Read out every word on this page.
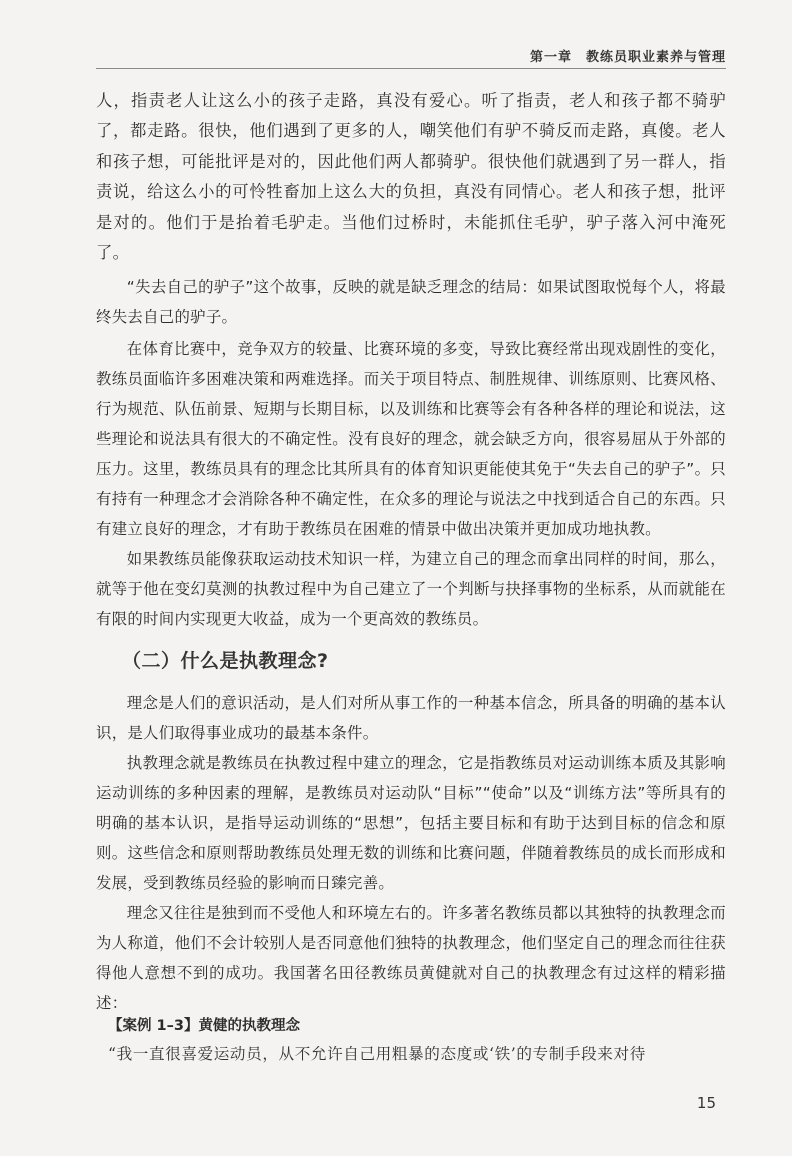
第一章　教练员职业素养与管理

人，指责老人让这么小的孩子走路，真没有爱心。听了指责，老人和孩子都不骑驴了，都走路。很快，他们遇到了更多的人，嘲笑他们有驴不骑反而走路，真傻。老人和孩子想，可能批评是对的，因此他们两人都骑驴。很快他们就遇到了另一群人，指责说，给这么小的可怜牲畜加上这么大的负担，真没有同情心。老人和孩子想，批评是对的。他们于是抬着毛驴走。当他们过桥时，未能抓住毛驴，驴子落入河中淹死了。

“失去自己的驴子”这个故事，反映的就是缺乏理念的结局：如果试图取悦每个人，将最终失去自己的驴子。

在体育比赛中，竞争双方的较量、比赛环境的多变，导致比赛经常出现戏剧性的变化，教练员面临许多困难决策和两难选择。而关于项目特点、制胜规律、训练原则、比赛风格、行为规范、队伍前景、短期与长期目标，以及训练和比赛等会有各种各样的理论和说法，这些理论和说法具有很大的不确定性。没有良好的理念，就会缺乏方向，很容易屈从于外部的压力。这里，教练员具有的理念比其所具有的体育知识更能使其免于“失去自己的驴子”。只有持有一种理念才会消除各种不确定性，在众多的理论与说法之中找到适合自己的东西。只有建立良好的理念，才有助于教练员在困难的情景中做出决策并更加成功地执教。

如果教练员能像获取运动技术知识一样，为建立自己的理念而拿出同样的时间，那么，就等于他在变幻莫测的执教过程中为自己建立了一个判断与抉择事物的坐标系，从而就能在有限的时间内实现更大收益，成为一个更高效的教练员。

（二）什么是执教理念?

理念是人们的意识活动，是人们对所从事工作的一种基本信念，所具备的明确的基本认识，是人们取得事业成功的最基本条件。

执教理念就是教练员在执教过程中建立的理念，它是指教练员对运动训练本质及其影响运动训练的多种因素的理解，是教练员对运动队“目标”“使命”以及“训练方法”等所具有的明确的基本认识，是指导运动训练的“思想”，包括主要目标和有助于达到目标的信念和原则。这些信念和原则帮助教练员处理无数的训练和比赛问题，伴随着教练员的成长而形成和发展，受到教练员经验的影响而日臻完善。

理念又往往是独到而不受他人和环境左右的。许多著名教练员都以其独特的执教理念而为人称道，他们不会计较别人是否同意他们独特的执教理念，他们坚定自己的理念而往往获得他人意想不到的成功。我国著名田径教练员黄健就对自己的执教理念有过这样的精彩描述：

【案例 1–3】黄健的执教理念
“我一直很喜爱运动员，从不允许自己用粗暴的态度或‘铁’的专制手段来对待
15
